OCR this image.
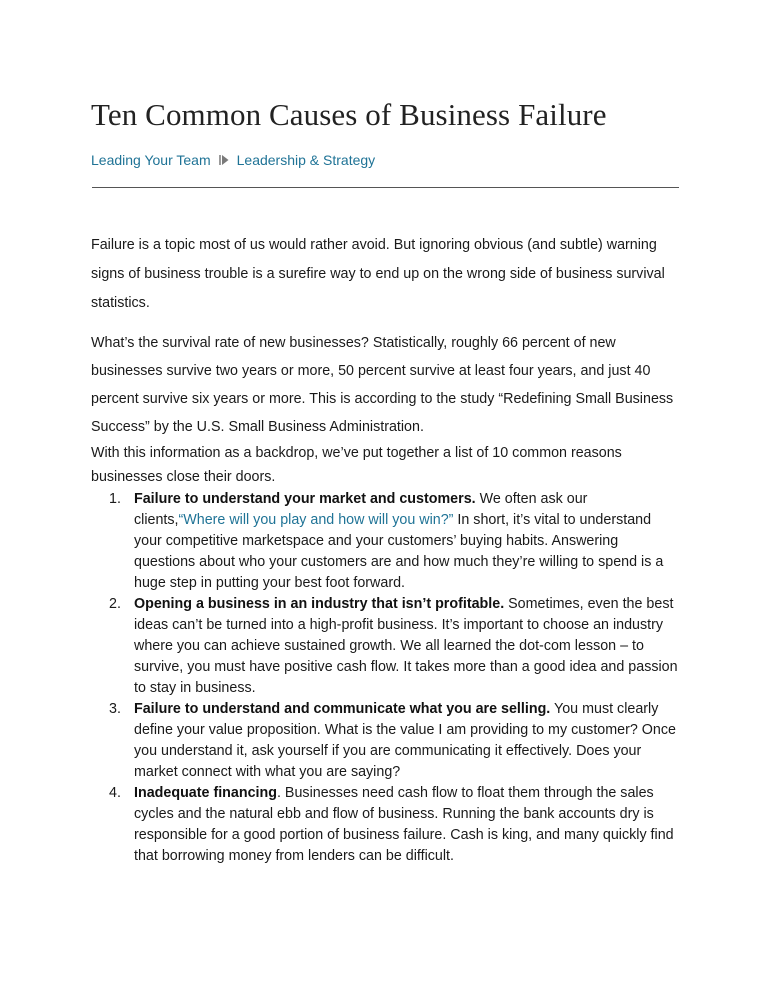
Ten Common Causes of Business Failure
Leading Your Team Leadership & Strategy

Failure is a topic most of us would rather avoid. But ignoring obvious (and subtle) warning signs of business trouble is a surefire way to end up on the wrong side of business survival statistics.

What’s the survival rate of new businesses? Statistically, roughly 66 percent of new businesses survive two years or more, 50 percent survive at least four years, and just 40 percent survive six years or more. This is according to the study “Redefining Small Business Success” by the U.S. Small Business Administration.

With this information as a backdrop, we’ve put together a list of 10 common reasons businesses close their doors.

1. Failure to understand your market and customers. We often ask our clients,“Where will you play and how will you win?” In short, it’s vital to understand your competitive marketspace and your customers’ buying habits. Answering questions about who your customers are and how much they’re willing to spend is a huge step in putting your best foot forward.
2. Opening a business in an industry that isn’t profitable. Sometimes, even the best ideas can’t be turned into a high-profit business. It’s important to choose an industry where you can achieve sustained growth. We all learned the dot-com lesson – to survive, you must have positive cash flow. It takes more than a good idea and passion to stay in business.
3. Failure to understand and communicate what you are selling. You must clearly define your value proposition. What is the value I am providing to my customer? Once you understand it, ask yourself if you are communicating it effectively. Does your market connect with what you are saying?
4. Inadequate financing. Businesses need cash flow to float them through the sales cycles and the natural ebb and flow of business. Running the bank accounts dry is responsible for a good portion of business failure. Cash is king, and many quickly find that borrowing money from lenders can be difficult.
